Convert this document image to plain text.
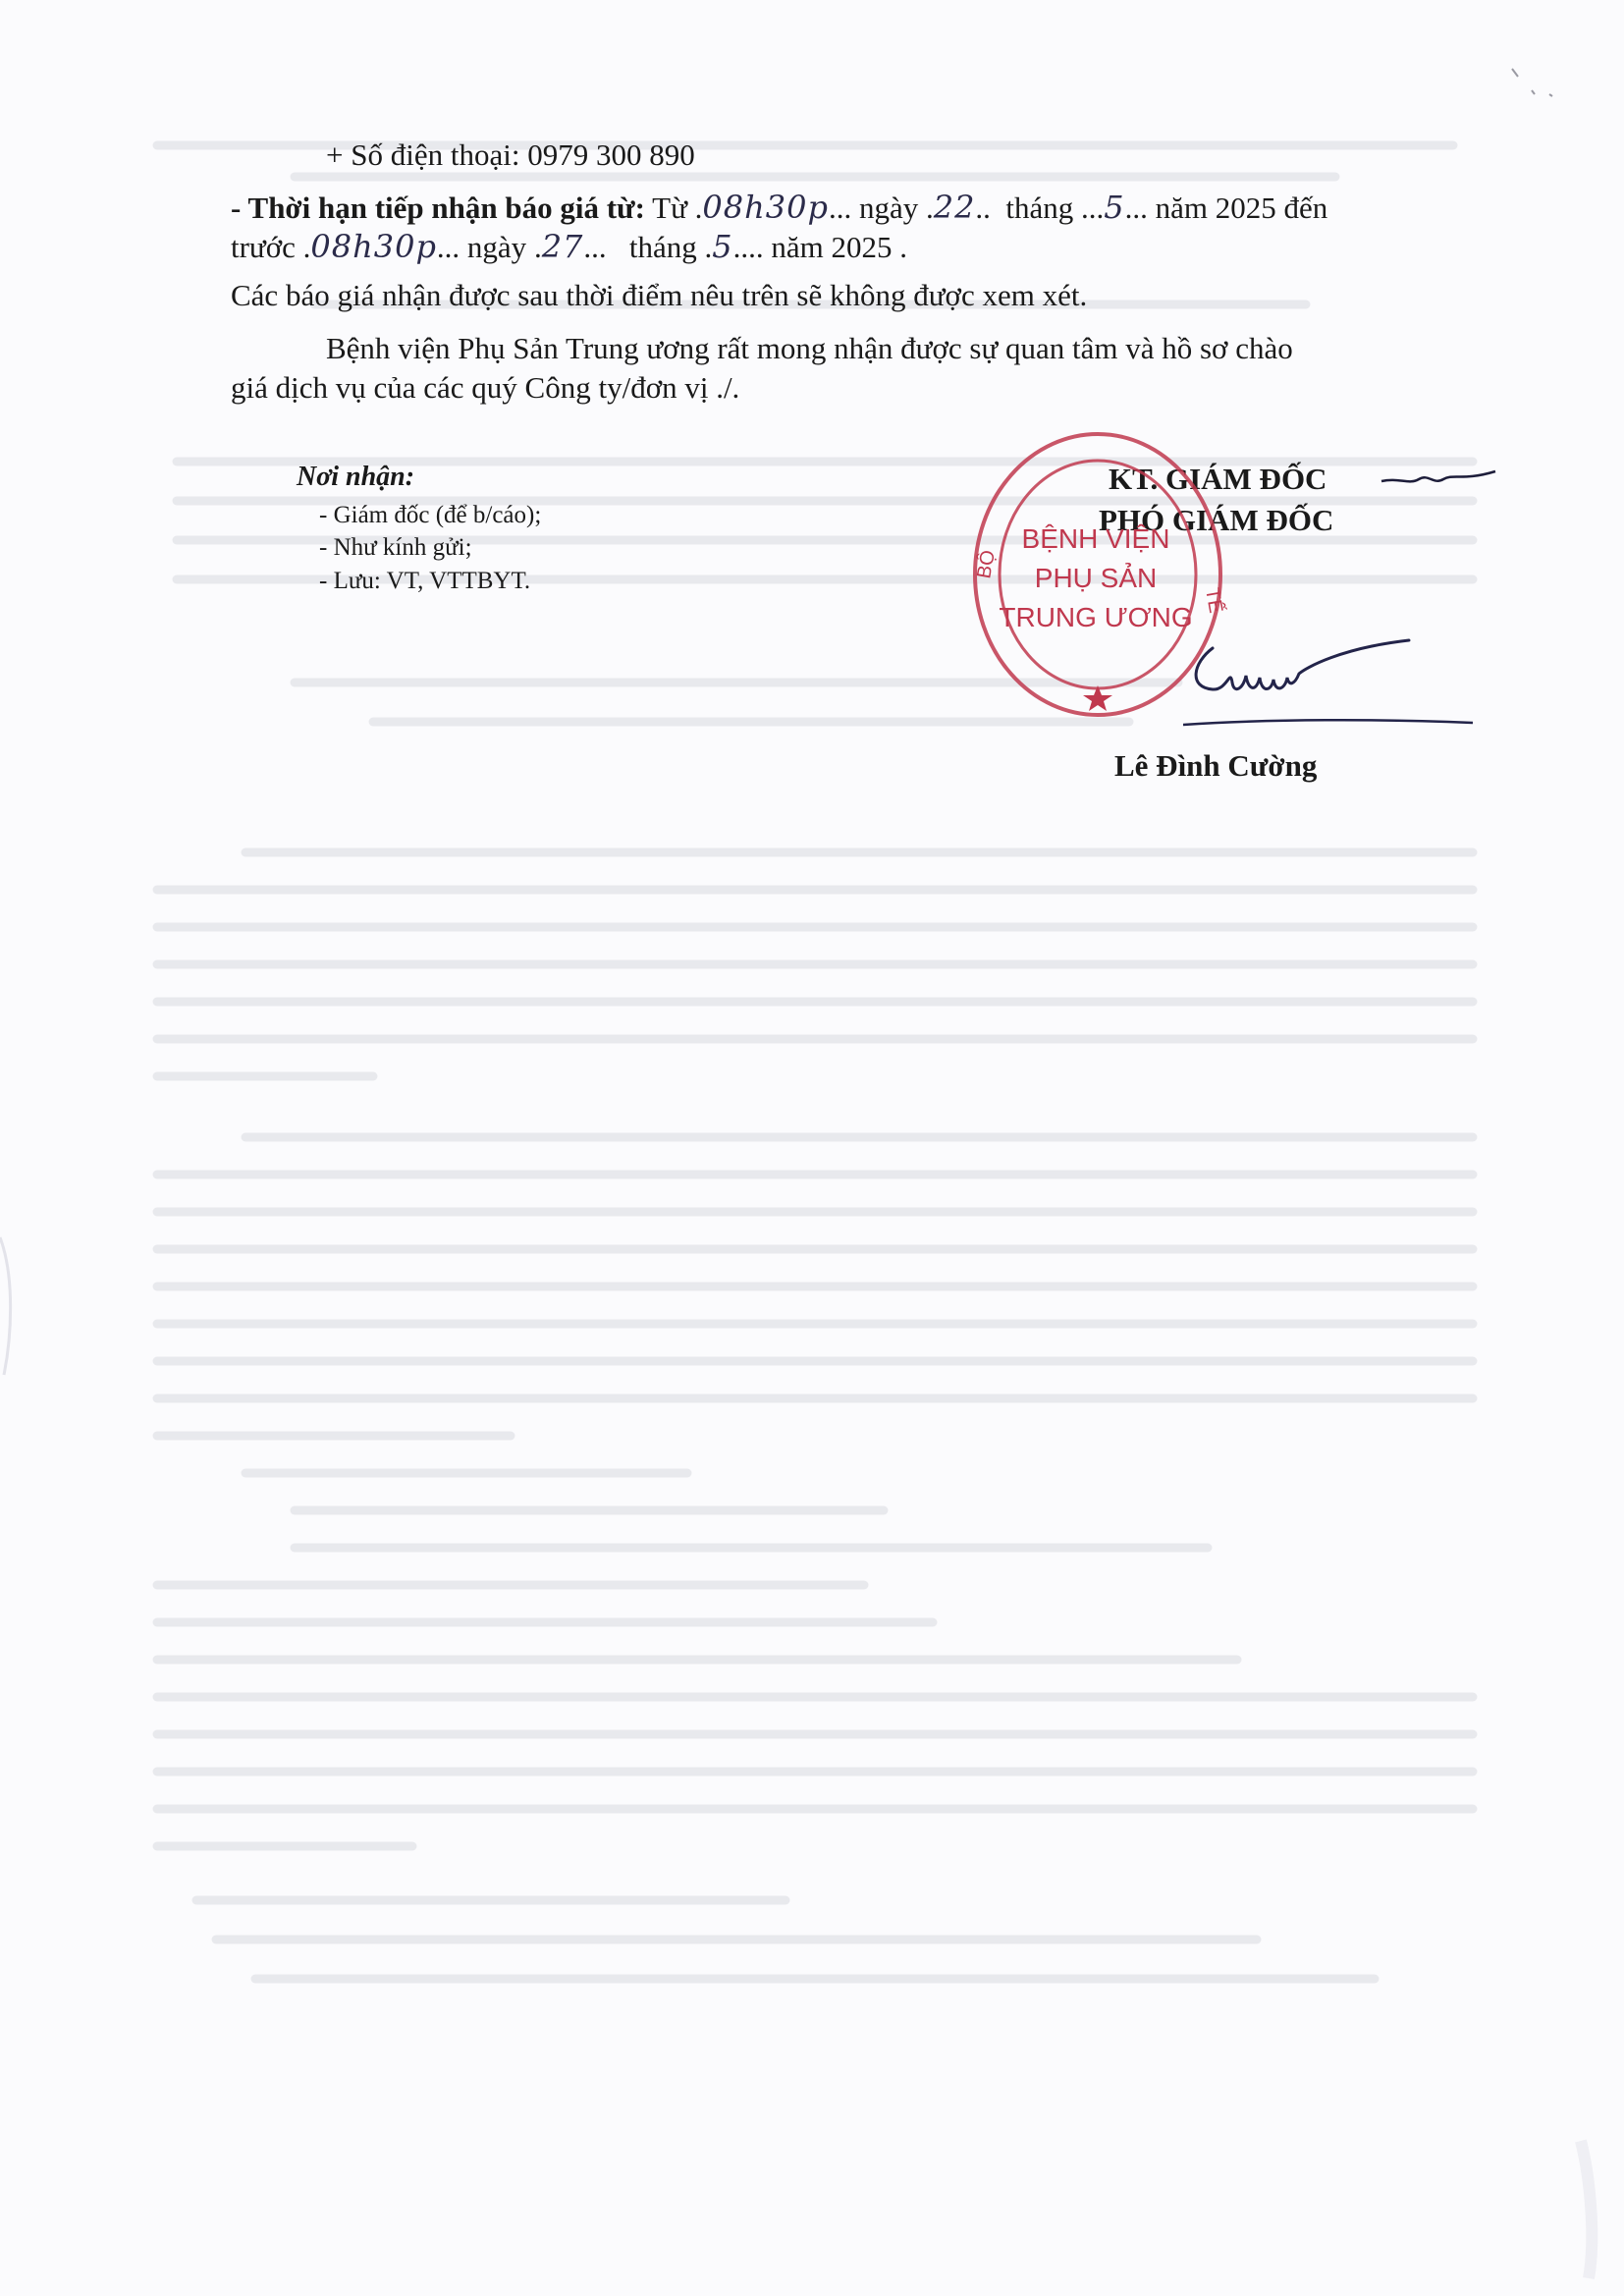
+ Số điện thoại: 0979 300 890
- Thời hạn tiếp nhận báo giá từ: Từ .08h30p... ngày .22.. tháng ...5... năm 2025 đến
trước .08h30p... ngày .27... tháng .5.... năm 2025 .
Các báo giá nhận được sau thời điểm nêu trên sẽ không được xem xét.
Bệnh viện Phụ Sản Trung ương rất mong nhận được sự quan tâm và hồ sơ chào
giá dịch vụ của các quý Công ty/đơn vị ./.
Nơi nhận:
- Giám đốc (để b/cáo);
- Như kính gửi;
- Lưu: VT, VTTBYT.
KT. GIÁM ĐỐC
PHÓ GIÁM ĐỐC
BỆNH VIỆN
PHỤ SẢN
TRUNG ƯƠNG
BỘ
TẾ
Lê Đình Cường
